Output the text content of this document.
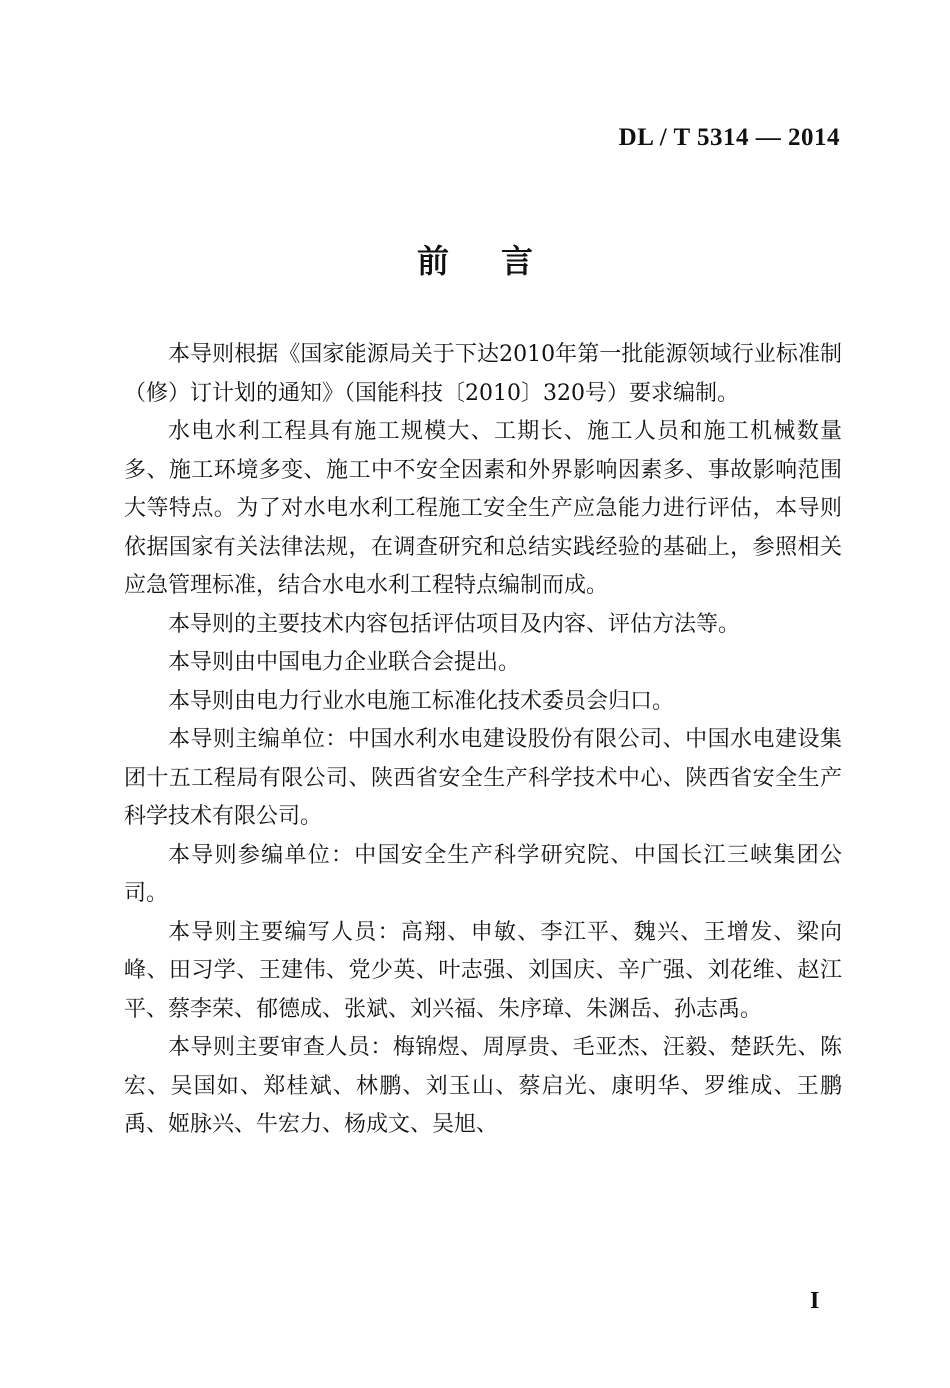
DL / T 5314 — 2014
前言

本导则根据《国家能源局关于下达2010年第一批能源领域行业标准制（修）订计划的通知》（国能科技〔2010〕320号）要求编制。

水电水利工程具有施工规模大、工期长、施工人员和施工机械数量多、施工环境多变、施工中不安全因素和外界影响因素多、事故影响范围大等特点。为了对水电水利工程施工安全生产应急能力进行评估，本导则依据国家有关法律法规，在调查研究和总结实践经验的基础上，参照相关应急管理标准，结合水电水利工程特点编制而成。

本导则的主要技术内容包括评估项目及内容、评估方法等。

本导则由中国电力企业联合会提出。

本导则由电力行业水电施工标准化技术委员会归口。

本导则主编单位：中国水利水电建设股份有限公司、中国水电建设集团十五工程局有限公司、陕西省安全生产科学技术中心、陕西省安全生产科学技术有限公司。

本导则参编单位：中国安全生产科学研究院、中国长江三峡集团公司。

本导则主要编写人员：高翔、申敏、李江平、魏兴、王增发、梁向峰、田习学、王建伟、党少英、叶志强、刘国庆、辛广强、刘花维、赵江平、蔡李荣、郁德成、张斌、刘兴福、朱序璋、朱渊岳、孙志禹。

本导则主要审查人员：梅锦煜、周厚贵、毛亚杰、汪毅、楚跃先、陈宏、吴国如、郑桂斌、林鹏、刘玉山、蔡启光、康明华、罗维成、王鹏禹、姬脉兴、牛宏力、杨成文、吴旭、

I
